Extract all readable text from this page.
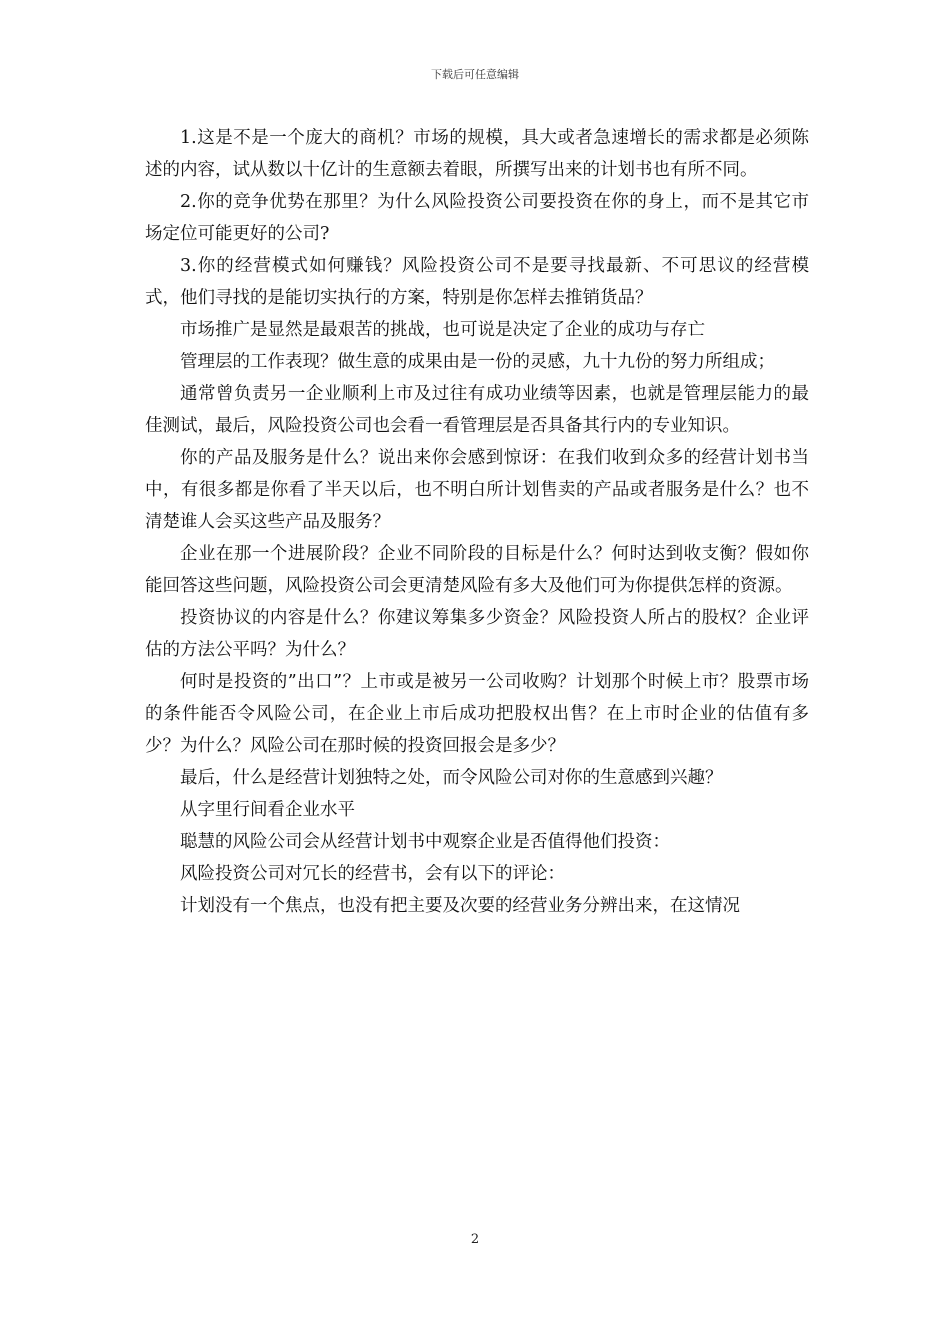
下载后可任意编辑

1.这是不是一个庞大的商机？市场的规模，具大或者急速增长的需求都是必须陈述的内容，试从数以十亿计的生意额去着眼，所撰写出来的计划书也有所不同。

2.你的竞争优势在那里？为什么风险投资公司要投资在你的身上，而不是其它市场定位可能更好的公司?

3.你的经营模式如何赚钱？风险投资公司不是要寻找最新、不可思议的经营模式，他们寻找的是能切实执行的方案，特别是你怎样去推销货品？

市场推广是显然是最艰苦的挑战，也可说是决定了企业的成功与存亡

管理层的工作表现？做生意的成果由是一份的灵感，九十九份的努力所组成；

通常曾负责另一企业顺利上市及过往有成功业绩等因素，也就是管理层能力的最佳测试，最后，风险投资公司也会看一看管理层是否具备其行内的专业知识。

你的产品及服务是什么？说出来你会感到惊讶：在我们收到众多的经营计划书当中，有很多都是你看了半天以后，也不明白所计划售卖的产品或者服务是什么？也不清楚谁人会买这些产品及服务？

企业在那一个进展阶段？企业不同阶段的目标是什么？何时达到收支衡？假如你能回答这些问题，风险投资公司会更清楚风险有多大及他们可为你提供怎样的资源。

投资协议的内容是什么？你建议筹集多少资金？风险投资人所占的股权？企业评估的方法公平吗？为什么？

何时是投资的”出口”？上市或是被另一公司收购？计划那个时候上市？股票市场的条件能否令风险公司，在企业上市后成功把股权出售？在上市时企业的估值有多少？为什么？风险公司在那时候的投资回报会是多少？

最后，什么是经营计划独特之处，而令风险公司对你的生意感到兴趣？

从字里行间看企业水平

聪慧的风险公司会从经营计划书中观察企业是否值得他们投资：

风险投资公司对冗长的经营书，会有以下的评论：

计划没有一个焦点，也没有把主要及次要的经营业务分辨出来，在这情况

2
